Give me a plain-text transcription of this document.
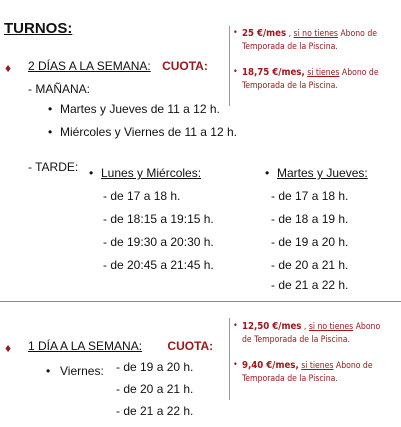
TURNOS:
♦ 2 DÍAS A LA SEMANA: CUOTA:
- MAÑANA:
• Martes y Jueves de 11 a 12 h.
• Miércoles y Viernes de 11 a 12 h.
- TARDE: • Lunes y Miércoles:
- de 17 a 18 h.
- de 18:15 a 19:15 h.
- de 19:30 a 20:30 h.
- de 20:45 a 21:45 h.
• Martes y Jueves:
- de 17 a 18 h.
- de 18 a 19 h.
- de 19 a 20 h.
- de 20 a 21 h.
- de 21 a 22 h.
• 25 €/mes , si no tienes Abono de
Temporada de la Piscina.
• 18,75 €/mes, si tienes Abono de
Temporada de la Piscina.
♦ 1 DÍA A LA SEMANA: CUOTA:
• Viernes: - de 19 a 20 h.
- de 20 a 21 h.
- de 21 a 22 h.
• 12,50 €/mes , si no tienes Abono
de Temporada de la Piscina.
• 9,40 €/mes, si tienes Abono de
Temporada de la Piscina.
